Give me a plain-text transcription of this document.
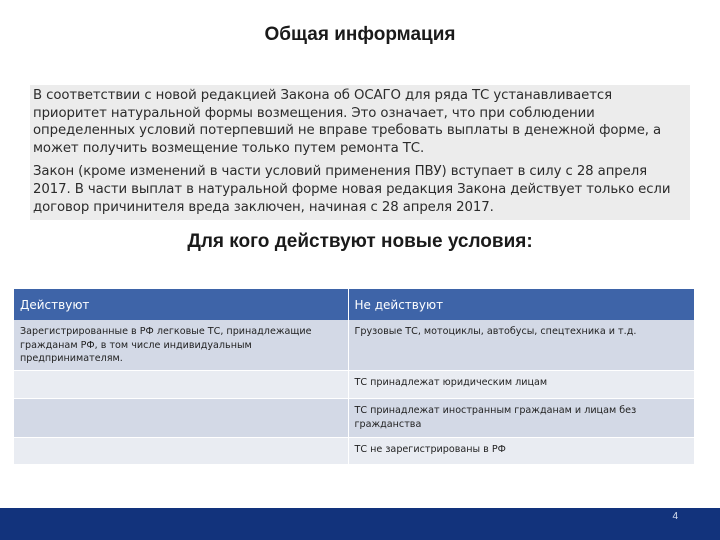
Общая информация

В соответствии с новой редакцией Закона об ОСАГО для ряда ТС устанавливается приоритет натуральной формы возмещения. Это означает, что при соблюдении определенных условий потерпевший не вправе требовать выплаты в денежной форме, а может получить возмещение только путем ремонта ТС.

Закон (кроме изменений в части условий применения ПВУ) вступает в силу с 28 апреля 2017. В части выплат в натуральной форме новая редакция Закона действует только если договор причинителя вреда заключен, начиная с 28 апреля 2017.

Для кого действуют новые условия:
Действуют	Не действуют
Зарегистрированные в РФ легковые ТС, принадлежащие гражданам РФ, в том числе индивидуальным предпринимателям.	Грузовые ТС, мотоциклы, автобусы, спецтехника и т.д.
	ТС принадлежат юридическим лицам
	ТС принадлежат иностранным гражданам и лицам без гражданства
	ТС не зарегистрированы в РФ
4
